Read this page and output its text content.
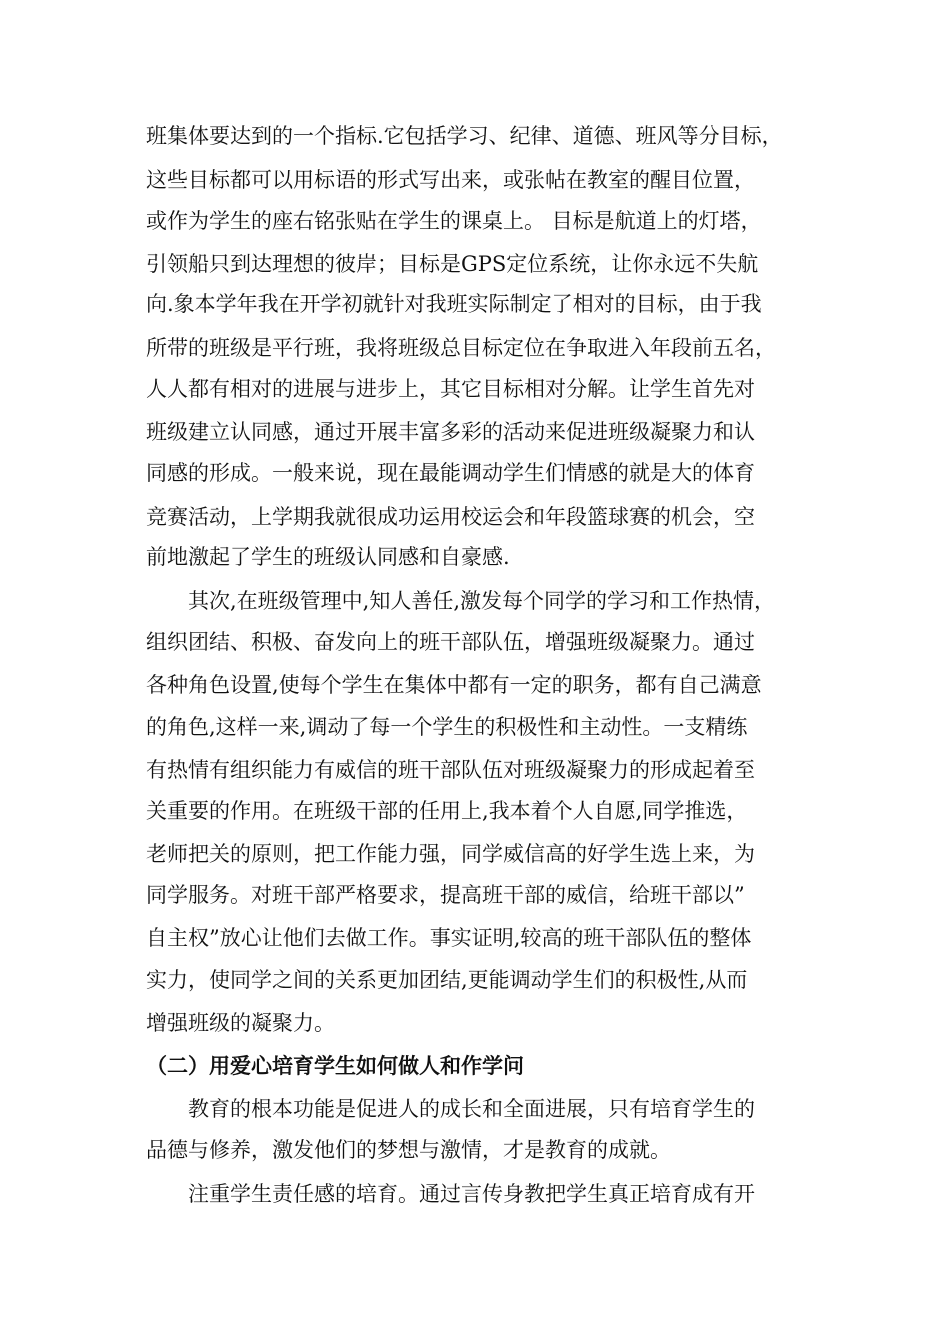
班集体要达到的一个指标.它包括学习、纪律、道德、班风等分目标，
这些目标都可以用标语的形式写出来，或张帖在教室的醒目位置，
或作为学生的座右铭张贴在学生的课桌上。 目标是航道上的灯塔，
引领船只到达理想的彼岸；目标是GPS定位系统，让你永远不失航
向.象本学年我在开学初就针对我班实际制定了相对的目标，由于我
所带的班级是平行班，我将班级总目标定位在争取进入年段前五名，
人人都有相对的进展与进步上，其它目标相对分解。让学生首先对
班级建立认同感，通过开展丰富多彩的活动来促进班级凝聚力和认
同感的形成。一般来说，现在最能调动学生们情感的就是大的体育
竞赛活动，上学期我就很成功运用校运会和年段篮球赛的机会，空
前地激起了学生的班级认同感和自豪感.
其次,在班级管理中,知人善任,激发每个同学的学习和工作热情，
组织团结、积极、奋发向上的班干部队伍，增强班级凝聚力。通过
各种角色设置,使每个学生在集体中都有一定的职务，都有自己满意
的角色,这样一来,调动了每一个学生的积极性和主动性。一支精练
有热情有组织能力有威信的班干部队伍对班级凝聚力的形成起着至
关重要的作用。在班级干部的任用上,我本着个人自愿,同学推选，
老师把关的原则，把工作能力强，同学威信高的好学生选上来，为
同学服务。对班干部严格要求，提高班干部的威信，给班干部以”
自主权”放心让他们去做工作。事实证明,较高的班干部队伍的整体
实力，使同学之间的关系更加团结,更能调动学生们的积极性,从而
增强班级的凝聚力。
（二）用爱心培育学生如何做人和作学问
教育的根本功能是促进人的成长和全面进展，只有培育学生的
品德与修养，激发他们的梦想与激情，才是教育的成就。
注重学生责任感的培育。通过言传身教把学生真正培育成有开
